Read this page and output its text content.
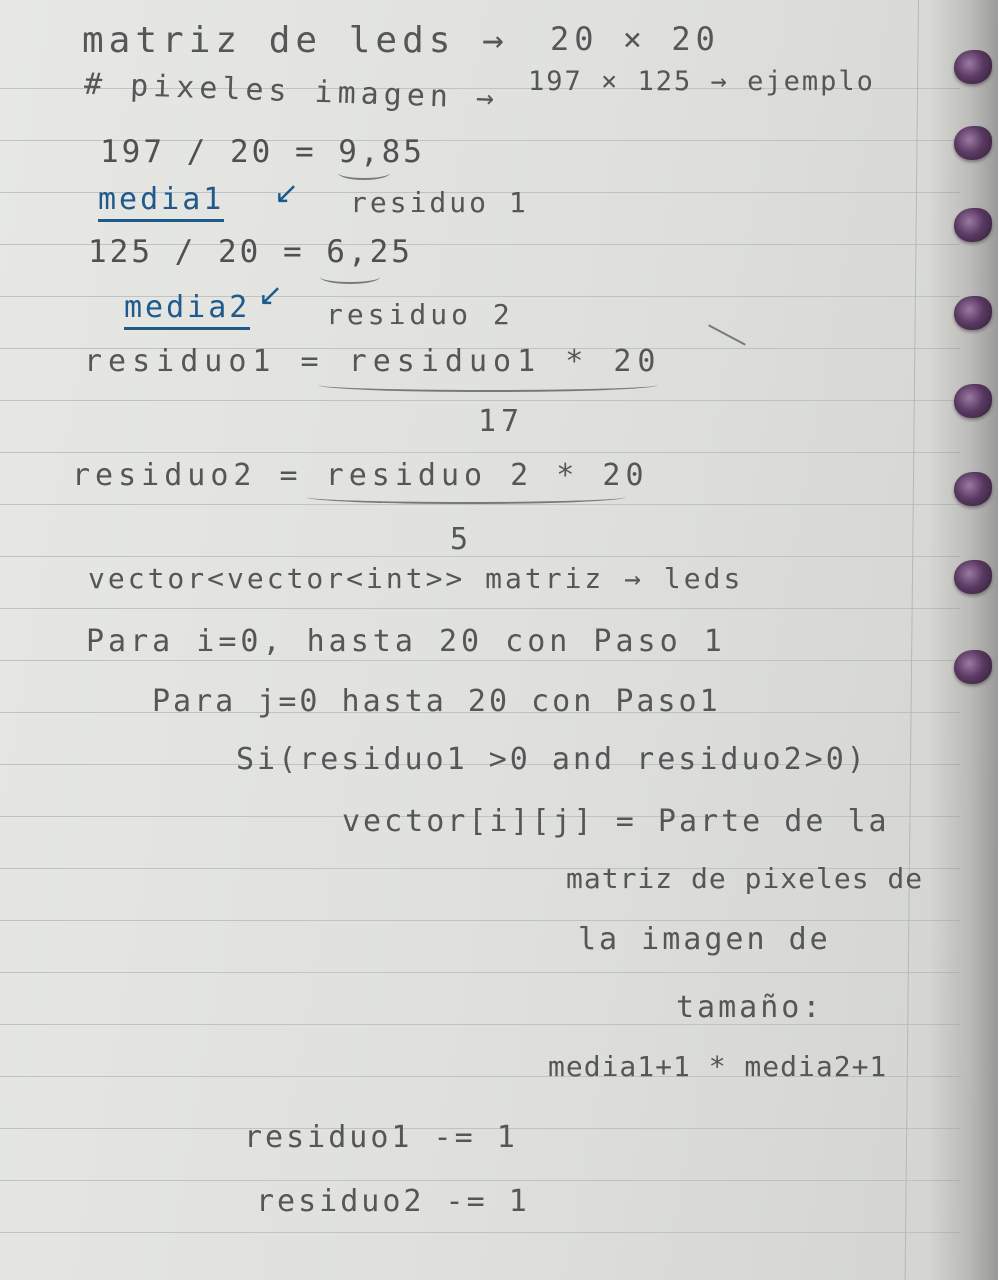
matriz de leds → 20 × 20
# pixeles imagen → 197 × 125 → ejemplo
197 / 20 = 9,85
media1 ↙ residuo 1
125 / 20 = 6,25
media2 ↙
residuo 2
residuo1 = residuo1 * 20
17
residuo2 = residuo 2 * 20
5
vector<vector<int>> matriz → leds
Para i=0, hasta 20 con Paso 1
Para j=0 hasta 20 con Paso1
Si(residuo1 >0 and residuo2>0)
vector[i][j] = Parte de la
matriz de pixeles de
la imagen de
tamaño:
media1+1 * media2+1
residuo1 -= 1
residuo2 -= 1
